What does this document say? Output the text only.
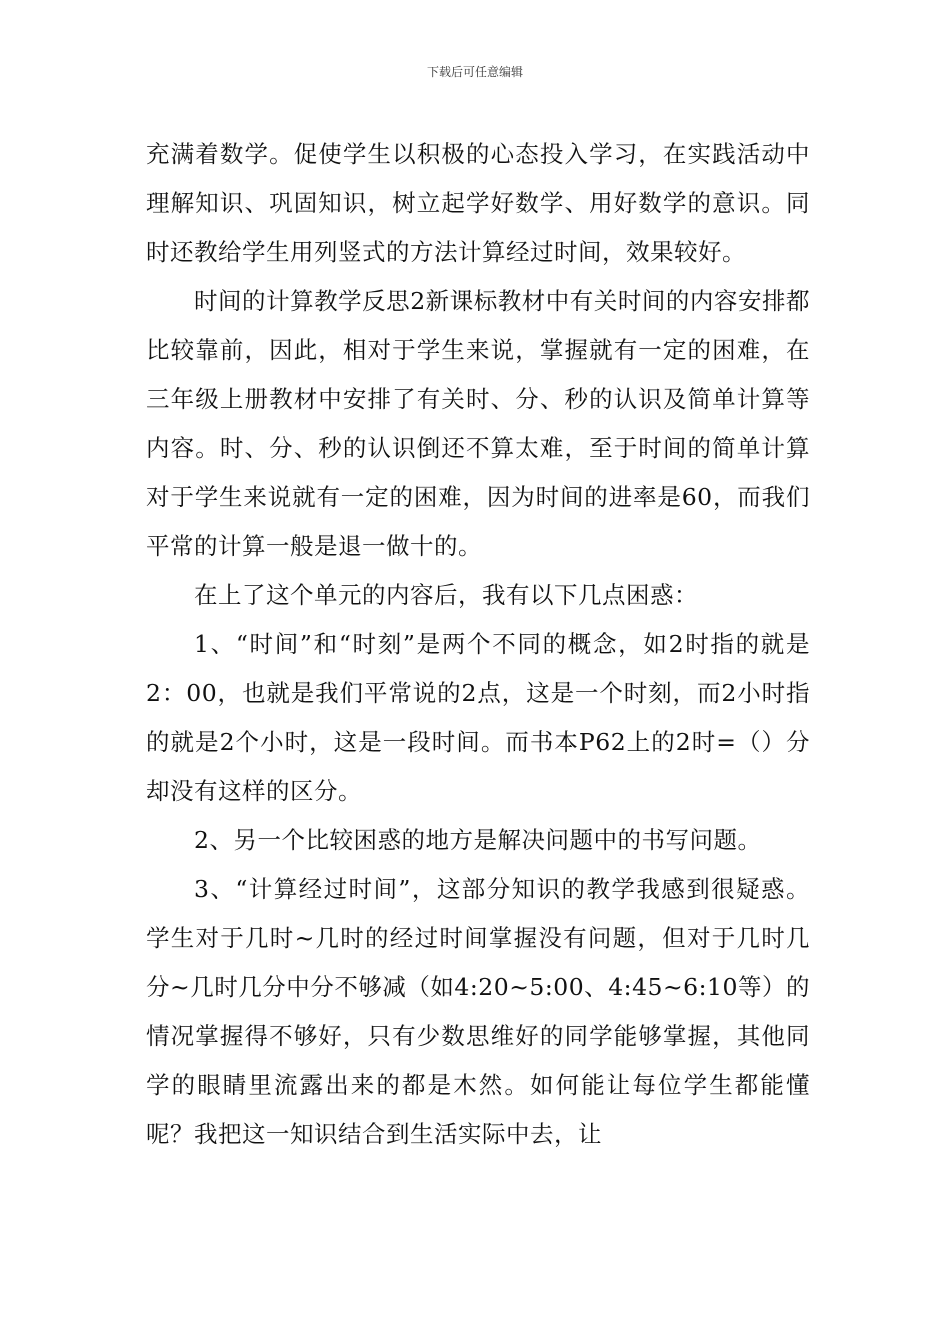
下载后可任意编辑

充满着数学。促使学生以积极的心态投入学习，在实践活动中理解知识、巩固知识，树立起学好数学、用好数学的意识。同时还教给学生用列竖式的方法计算经过时间，效果较好。

时间的计算教学反思2新课标教材中有关时间的内容安排都比较靠前，因此，相对于学生来说，掌握就有一定的困难，在三年级上册教材中安排了有关时、分、秒的认识及简单计算等内容。时、分、秒的认识倒还不算太难，至于时间的简单计算对于学生来说就有一定的困难，因为时间的进率是60，而我们平常的计算一般是退一做十的。

在上了这个单元的内容后，我有以下几点困惑：

1、“时间”和“时刻”是两个不同的概念，如2时指的就是2：00，也就是我们平常说的2点，这是一个时刻，而2小时指的就是2个小时，这是一段时间。而书本P62上的2时=（）分却没有这样的区分。

2、另一个比较困惑的地方是解决问题中的书写问题。

3、“计算经过时间”，这部分知识的教学我感到很疑惑。学生对于几时~几时的经过时间掌握没有问题，但对于几时几分~几时几分中分不够减（如4:20~5:00、4:45~6:10等）的情况掌握得不够好，只有少数思维好的同学能够掌握，其他同学的眼睛里流露出来的都是木然。如何能让每位学生都能懂呢？我把这一知识结合到生活实际中去，让
